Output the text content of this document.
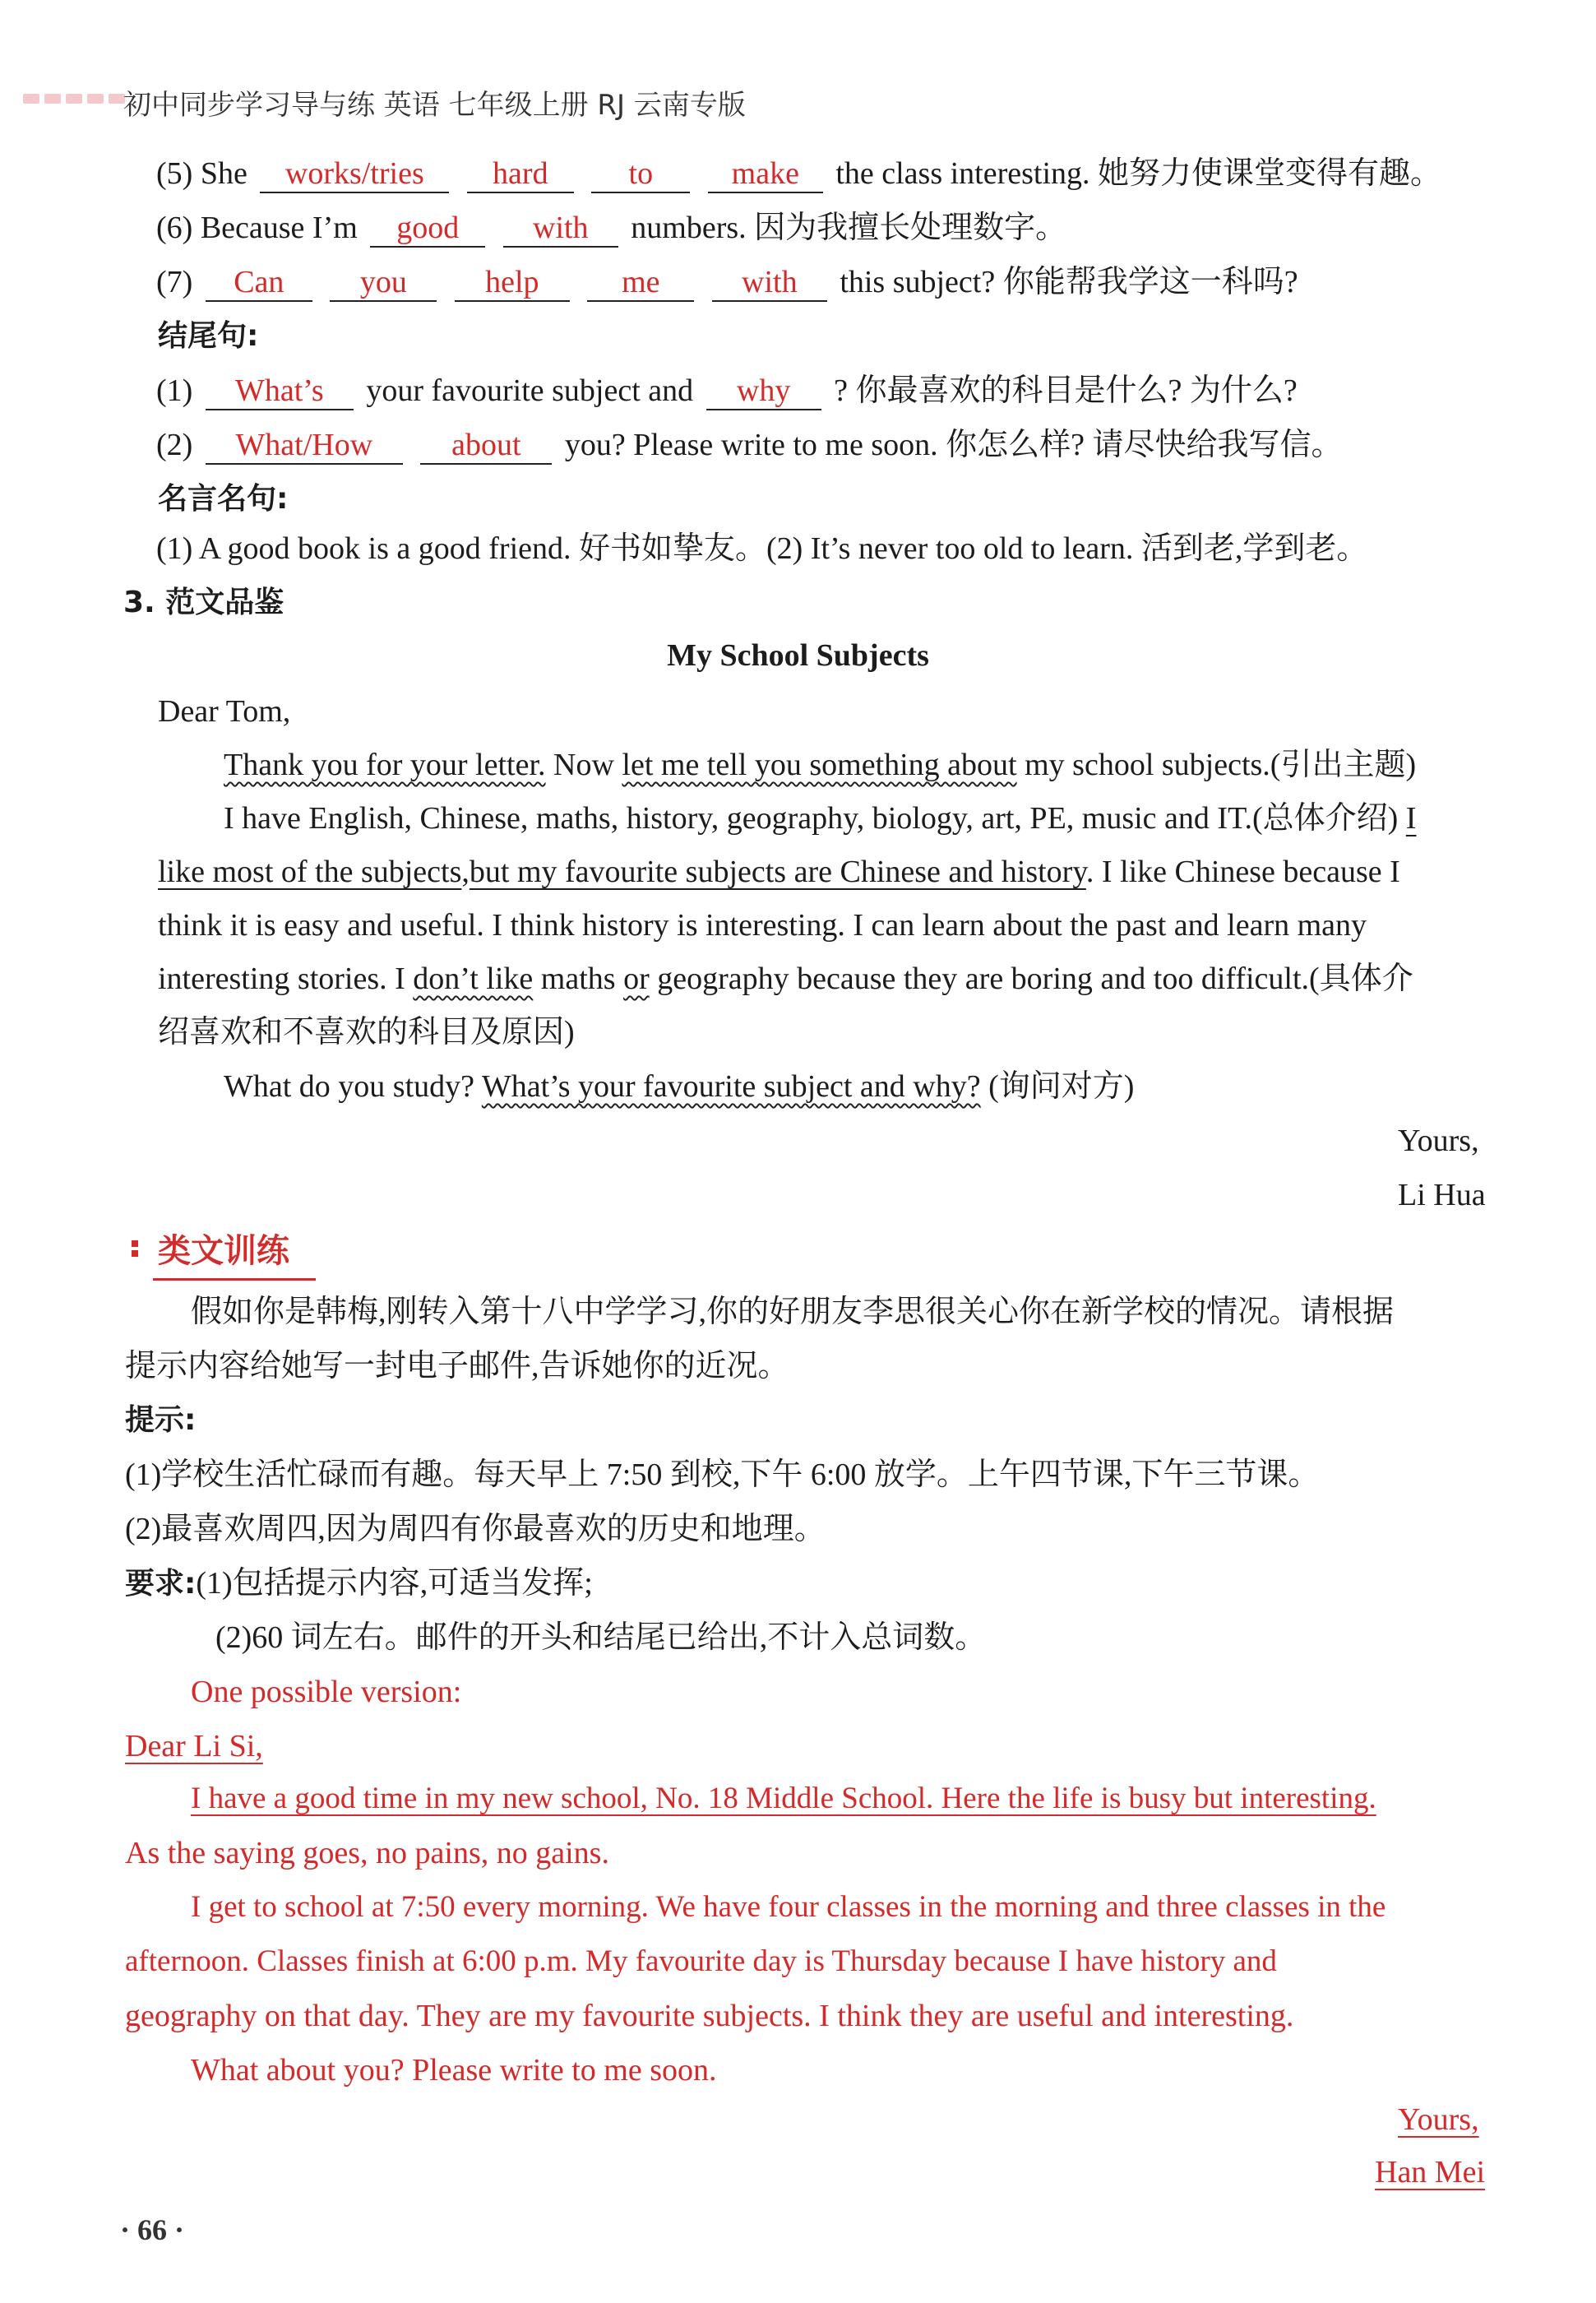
初中同步学习导与练 英语 七年级上册 RJ 云南专版
(5) She works/tries hard	to	make the class interesting. 她努力使课堂变得有趣。
(6) Because I’m good with numbers. 因为我擅长处理数字。
(7) Can you	help	me	with this subject? 你能帮我学这一科吗?
结尾句:
(1) What’s your favourite subject and why ? 你最喜欢的科目是什么? 为什么?
(2) What/How	about you? Please write to me soon. 你怎么样? 请尽快给我写信。
名言名句:
(1) A good book is a good friend. 好书如挚友。(2) It’s never too old to learn. 活到老,学到老。
3. 范文品鉴
My School Subjects
Dear Tom,
Thank you for your letter. Now let me tell you something about my school subjects.(引出主题)
I have English, Chinese, maths, history, geography, biology, art, PE, music and IT.(总体介绍) I
like most of the subjects,but my favourite subjects are Chinese and history. I like Chinese because I
think it is easy and useful. I think history is interesting. I can learn about the past and learn many
interesting stories. I don’t like maths or geography because they are boring and too difficult.(具体介
绍喜欢和不喜欢的科目及原因)
What do you study? What’s your favourite subject and why? (询问对方)
Yours,
Li Hua
类文训练
假如你是韩梅,刚转入第十八中学学习,你的好朋友李思很关心你在新学校的情况。请根据
提示内容给她写一封电子邮件,告诉她你的近况。
提示:
(1)学校生活忙碌而有趣。每天早上 7:50 到校,下午 6:00 放学。上午四节课,下午三节课。
(2)最喜欢周四,因为周四有你最喜欢的历史和地理。
要求:(1)包括提示内容,可适当发挥;
(2)60 词左右。邮件的开头和结尾已给出,不计入总词数。
One possible version:
Dear Li Si,
I have a good time in my new school, No. 18 Middle School. Here the life is busy but interesting.
As the saying goes, no pains, no gains.
I get to school at 7:50 every morning. We have four classes in the morning and three classes in the
afternoon. Classes finish at 6:00 p.m. My favourite day is Thursday because I have history and
geography on that day. They are my favourite subjects. I think they are useful and interesting.
What about you? Please write to me soon.
Yours,
Han Mei
· 66 ·
